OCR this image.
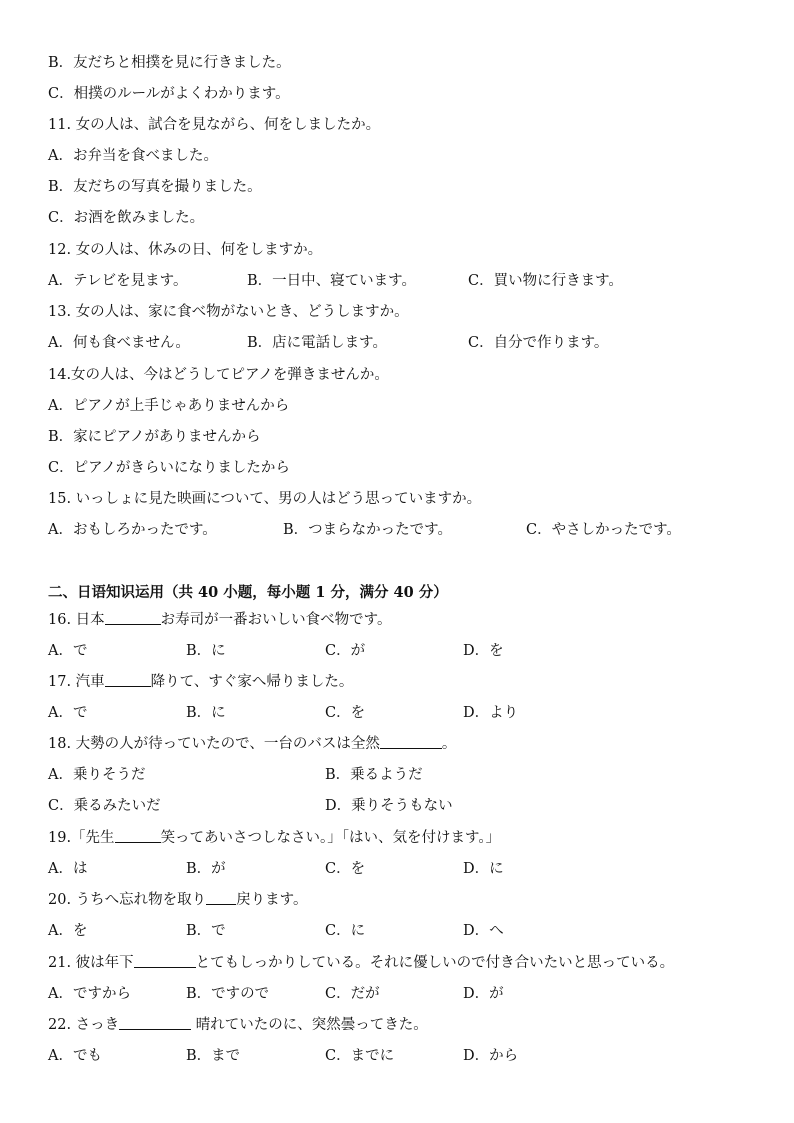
B．友だちと相撲を見に行きました。
C．相撲のルールがよくわかります。
11. 女の人は、試合を見ながら、何をしましたか。
A．お弁当を食べました。
B．友だちの写真を撮りました。
C．お酒を飲みました。
12. 女の人は、休みの日、何をしますか。
A．テレビを見ます。	B．一日中、寝ています。	C．買い物に行きます。
13. 女の人は、家に食べ物がないとき、どうしますか。
A．何も食べません。	B．店に電話します。	C．自分で作ります。
14.女の人は、今はどうしてピアノを弾きませんか。
A．ピアノが上手じゃありませんから
B．家にピアノがありませんから
C．ピアノがきらいになりましたから
15. いっしょに見た映画について、男の人はどう思っていますか。
A．おもしろかったです。	B．つまらなかったです。	C．やさしかったです。
二、日语知识运用（共 40 小题，每小题 1 分，满分 40 分）
16. 日本	お寿司が一番おいしい食べ物です。
A．で	B．に	C．が	D．を
17. 汽車	降りて、すぐ家へ帰りました。
A．で	B．に	C．を	D．より
18. 大勢の人が待っていたので、一台のバスは全然	。
A．乗りそうだ	B．乗るようだ
C．乗るみたいだ	D．乗りそうもない
19.「先生	笑ってあいさつしなさい。」「はい、気を付けます。」
A．は	B．が	C．を	D．に
20. うちへ忘れ物を取り 戻ります。
A．を	B．で	C．に	D．へ
21. 彼は年下	とてもしっかりしている。それに優しいので付き合いたいと思っている。
A．ですから	B．ですので	C．だが	D．が
22. さっき	晴れていたのに、突然曇ってきた。
A．でも	B．まで	C．までに	D．から
